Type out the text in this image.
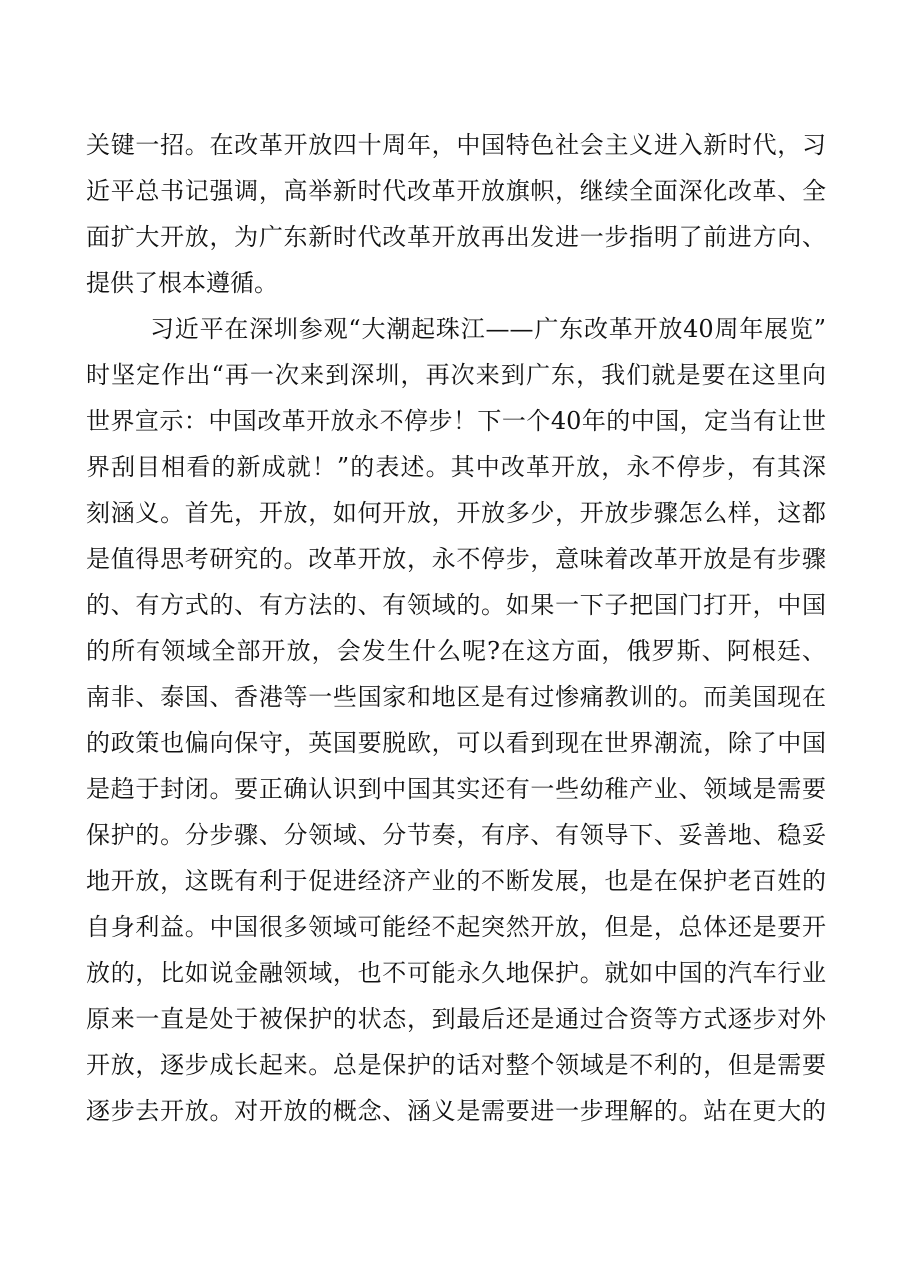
关键一招。在改革开放四十周年，中国特色社会主义进入新时代，习
近平总书记强调，高举新时代改革开放旗帜，继续全面深化改革、全
面扩大开放，为广东新时代改革开放再出发进一步指明了前进方向、
提供了根本遵循。
习近平在深圳参观“大潮起珠江——广东改革开放40周年展览”
时坚定作出“再一次来到深圳，再次来到广东，我们就是要在这里向
世界宣示：中国改革开放永不停步！下一个40年的中国，定当有让世
界刮目相看的新成就！”的表述。其中改革开放，永不停步，有其深
刻涵义。首先，开放，如何开放，开放多少，开放步骤怎么样，这都
是值得思考研究的。改革开放，永不停步，意味着改革开放是有步骤
的、有方式的、有方法的、有领域的。如果一下子把国门打开，中国
的所有领域全部开放，会发生什么呢?在这方面，俄罗斯、阿根廷、
南非、泰国、香港等一些国家和地区是有过惨痛教训的。而美国现在
的政策也偏向保守，英国要脱欧，可以看到现在世界潮流，除了中国
是趋于封闭。要正确认识到中国其实还有一些幼稚产业、领域是需要
保护的。分步骤、分领域、分节奏，有序、有领导下、妥善地、稳妥
地开放，这既有利于促进经济产业的不断发展，也是在保护老百姓的
自身利益。中国很多领域可能经不起突然开放，但是，总体还是要开
放的，比如说金融领域，也不可能永久地保护。就如中国的汽车行业
原来一直是处于被保护的状态，到最后还是通过合资等方式逐步对外
开放，逐步成长起来。总是保护的话对整个领域是不利的，但是需要
逐步去开放。对开放的概念、涵义是需要进一步理解的。站在更大的
